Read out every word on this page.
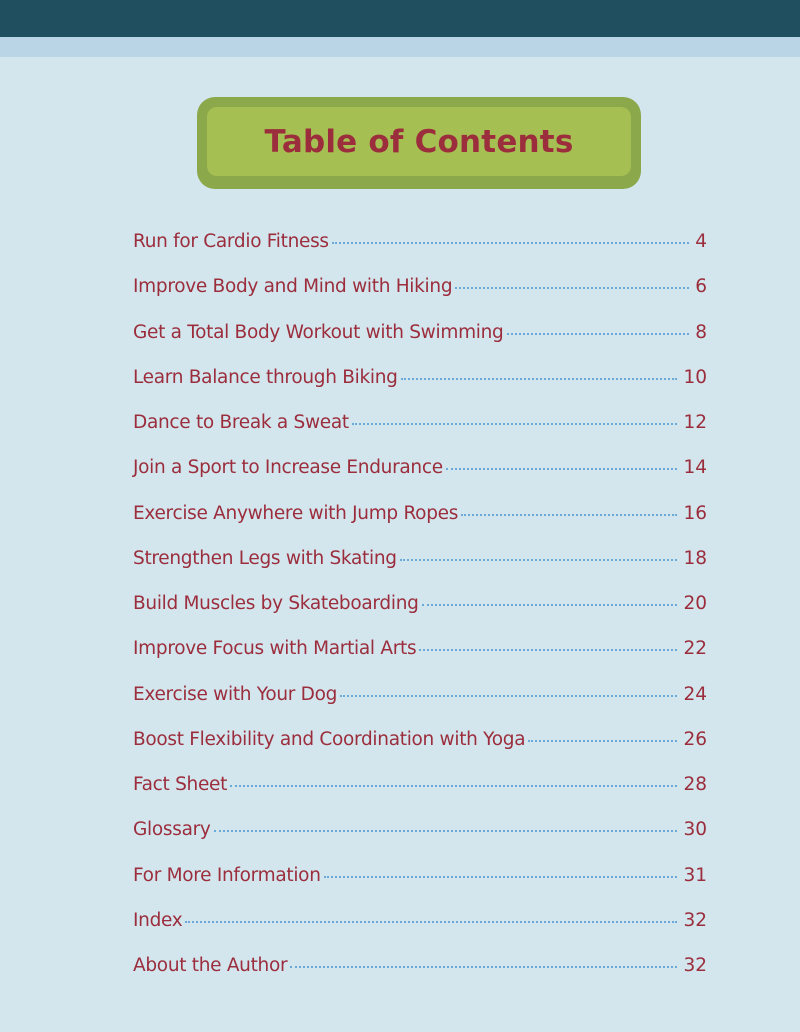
Table of Contents
Run for Cardio Fitness	4
Improve Body and Mind with Hiking	6
Get a Total Body Workout with Swimming	8
Learn Balance through Biking	10
Dance to Break a Sweat	12
Join a Sport to Increase Endurance	14
Exercise Anywhere with Jump Ropes	16
Strengthen Legs with Skating	18
Build Muscles by Skateboarding	20
Improve Focus with Martial Arts	22
Exercise with Your Dog	24
Boost Flexibility and Coordination with Yoga	26
Fact Sheet	28
Glossary	30
For More Information	31
Index	32
About the Author	32
